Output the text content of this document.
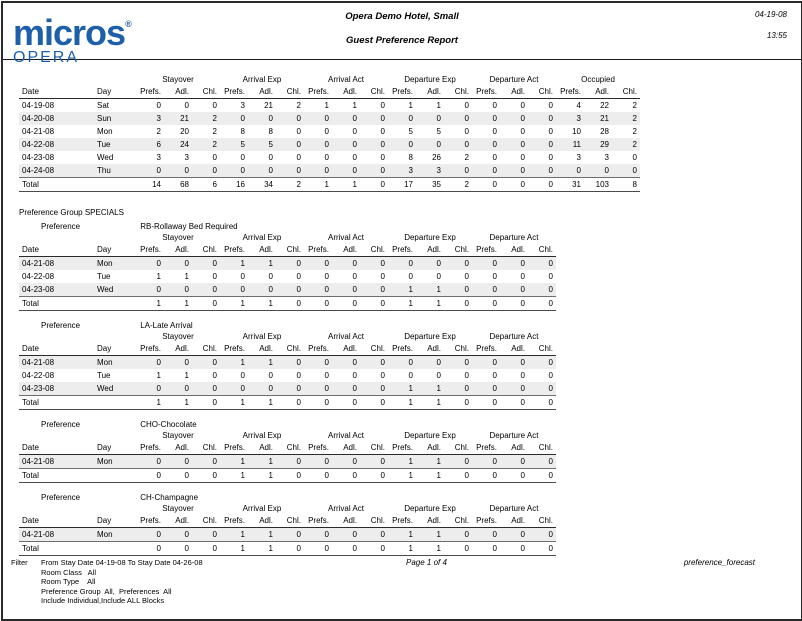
micros®
OPERA
Opera Demo Hotel, Small
Guest Preference Report
04-19-08
13:55
		Stayover			Arrival Exp			Arrival Act			Departure Exp			Departure Act			Occupied		
Date	Day	Prefs.	Adl.	Chl.	Prefs.	Adl.	Chl.	Prefs.	Adl.	Chl.	Prefs.	Adl.	Chl.	Prefs.	Adl.	Chl.	Prefs.	Adl.	Chl.
04-19-08	Sat	0	0	0	3	21	2	1	1	0	1	1	0	0	0	0	4	22	2
04-20-08	Sun	3	21	2	0	0	0	0	0	0	0	0	0	0	0	0	3	21	2
04-21-08	Mon	2	20	2	8	8	0	0	0	0	5	5	0	0	0	0	10	28	2
04-22-08	Tue	6	24	2	5	5	0	0	0	0	0	0	0	0	0	0	11	29	2
04-23-08	Wed	3	3	0	0	0	0	0	0	0	8	26	2	0	0	0	3	3	0
04-24-08	Thu	0	0	0	0	0	0	0	0	0	3	3	0	0	0	0	0	0	0
Total		14	68	6	16	34	2	1	1	0	17	35	2	0	0	0	31	103	8
Preference Group SPECIALS
Preference	RB-Rollaway Bed Required
		Stayover			Arrival Exp			Arrival Act			Departure Exp			Departure Act		
Date	Day	Prefs.	Adl.	Chl.	Prefs.	Adl.	Chl.	Prefs.	Adl.	Chl.	Prefs.	Adl.	Chl.	Prefs.	Adl.	Chl.
04-21-08	Mon	0	0	0	1	1	0	0	0	0	0	0	0	0	0	0
04-22-08	Tue	1	1	0	0	0	0	0	0	0	0	0	0	0	0	0
04-23-08	Wed	0	0	0	0	0	0	0	0	0	1	1	0	0	0	0
Total		1	1	0	1	1	0	0	0	0	1	1	0	0	0	0
Preference	LA-Late Arrival
		Stayover			Arrival Exp			Arrival Act			Departure Exp			Departure Act		
Date	Day	Prefs.	Adl.	Chl.	Prefs.	Adl.	Chl.	Prefs.	Adl.	Chl.	Prefs.	Adl.	Chl.	Prefs.	Adl.	Chl.
04-21-08	Mon	0	0	0	1	1	0	0	0	0	0	0	0	0	0	0
04-22-08	Tue	1	1	0	0	0	0	0	0	0	0	0	0	0	0	0
04-23-08	Wed	0	0	0	0	0	0	0	0	0	1	1	0	0	0	0
Total		1	1	0	1	1	0	0	0	0	1	1	0	0	0	0
Preference	CHO-Chocolate
		Stayover			Arrival Exp			Arrival Act			Departure Exp			Departure Act		
Date	Day	Prefs.	Adl.	Chl.	Prefs.	Adl.	Chl.	Prefs.	Adl.	Chl.	Prefs.	Adl.	Chl.	Prefs.	Adl.	Chl.
04-21-08	Mon	0	0	0	1	1	0	0	0	0	1	1	0	0	0	0
Total		0	0	0	1	1	0	0	0	0	1	1	0	0	0	0
Preference	CH-Champagne
		Stayover			Arrival Exp			Arrival Act			Departure Exp			Departure Act		
Date	Day	Prefs.	Adl.	Chl.	Prefs.	Adl.	Chl.	Prefs.	Adl.	Chl.	Prefs.	Adl.	Chl.	Prefs.	Adl.	Chl.
04-21-08	Mon	0	0	0	1	1	0	0	0	0	1	1	0	0	0	0
Total		0	0	0	1	1	0	0	0	0	1	1	0	0	0	0
Filter	From Stay Date 04-19-08 To Stay Date 04-26-08
Room Class   All
Room Type    All
Preference Group  All,  Preferences  All
Include Individual,Include ALL Blocks
Page 1 of 4	preference_forecast
